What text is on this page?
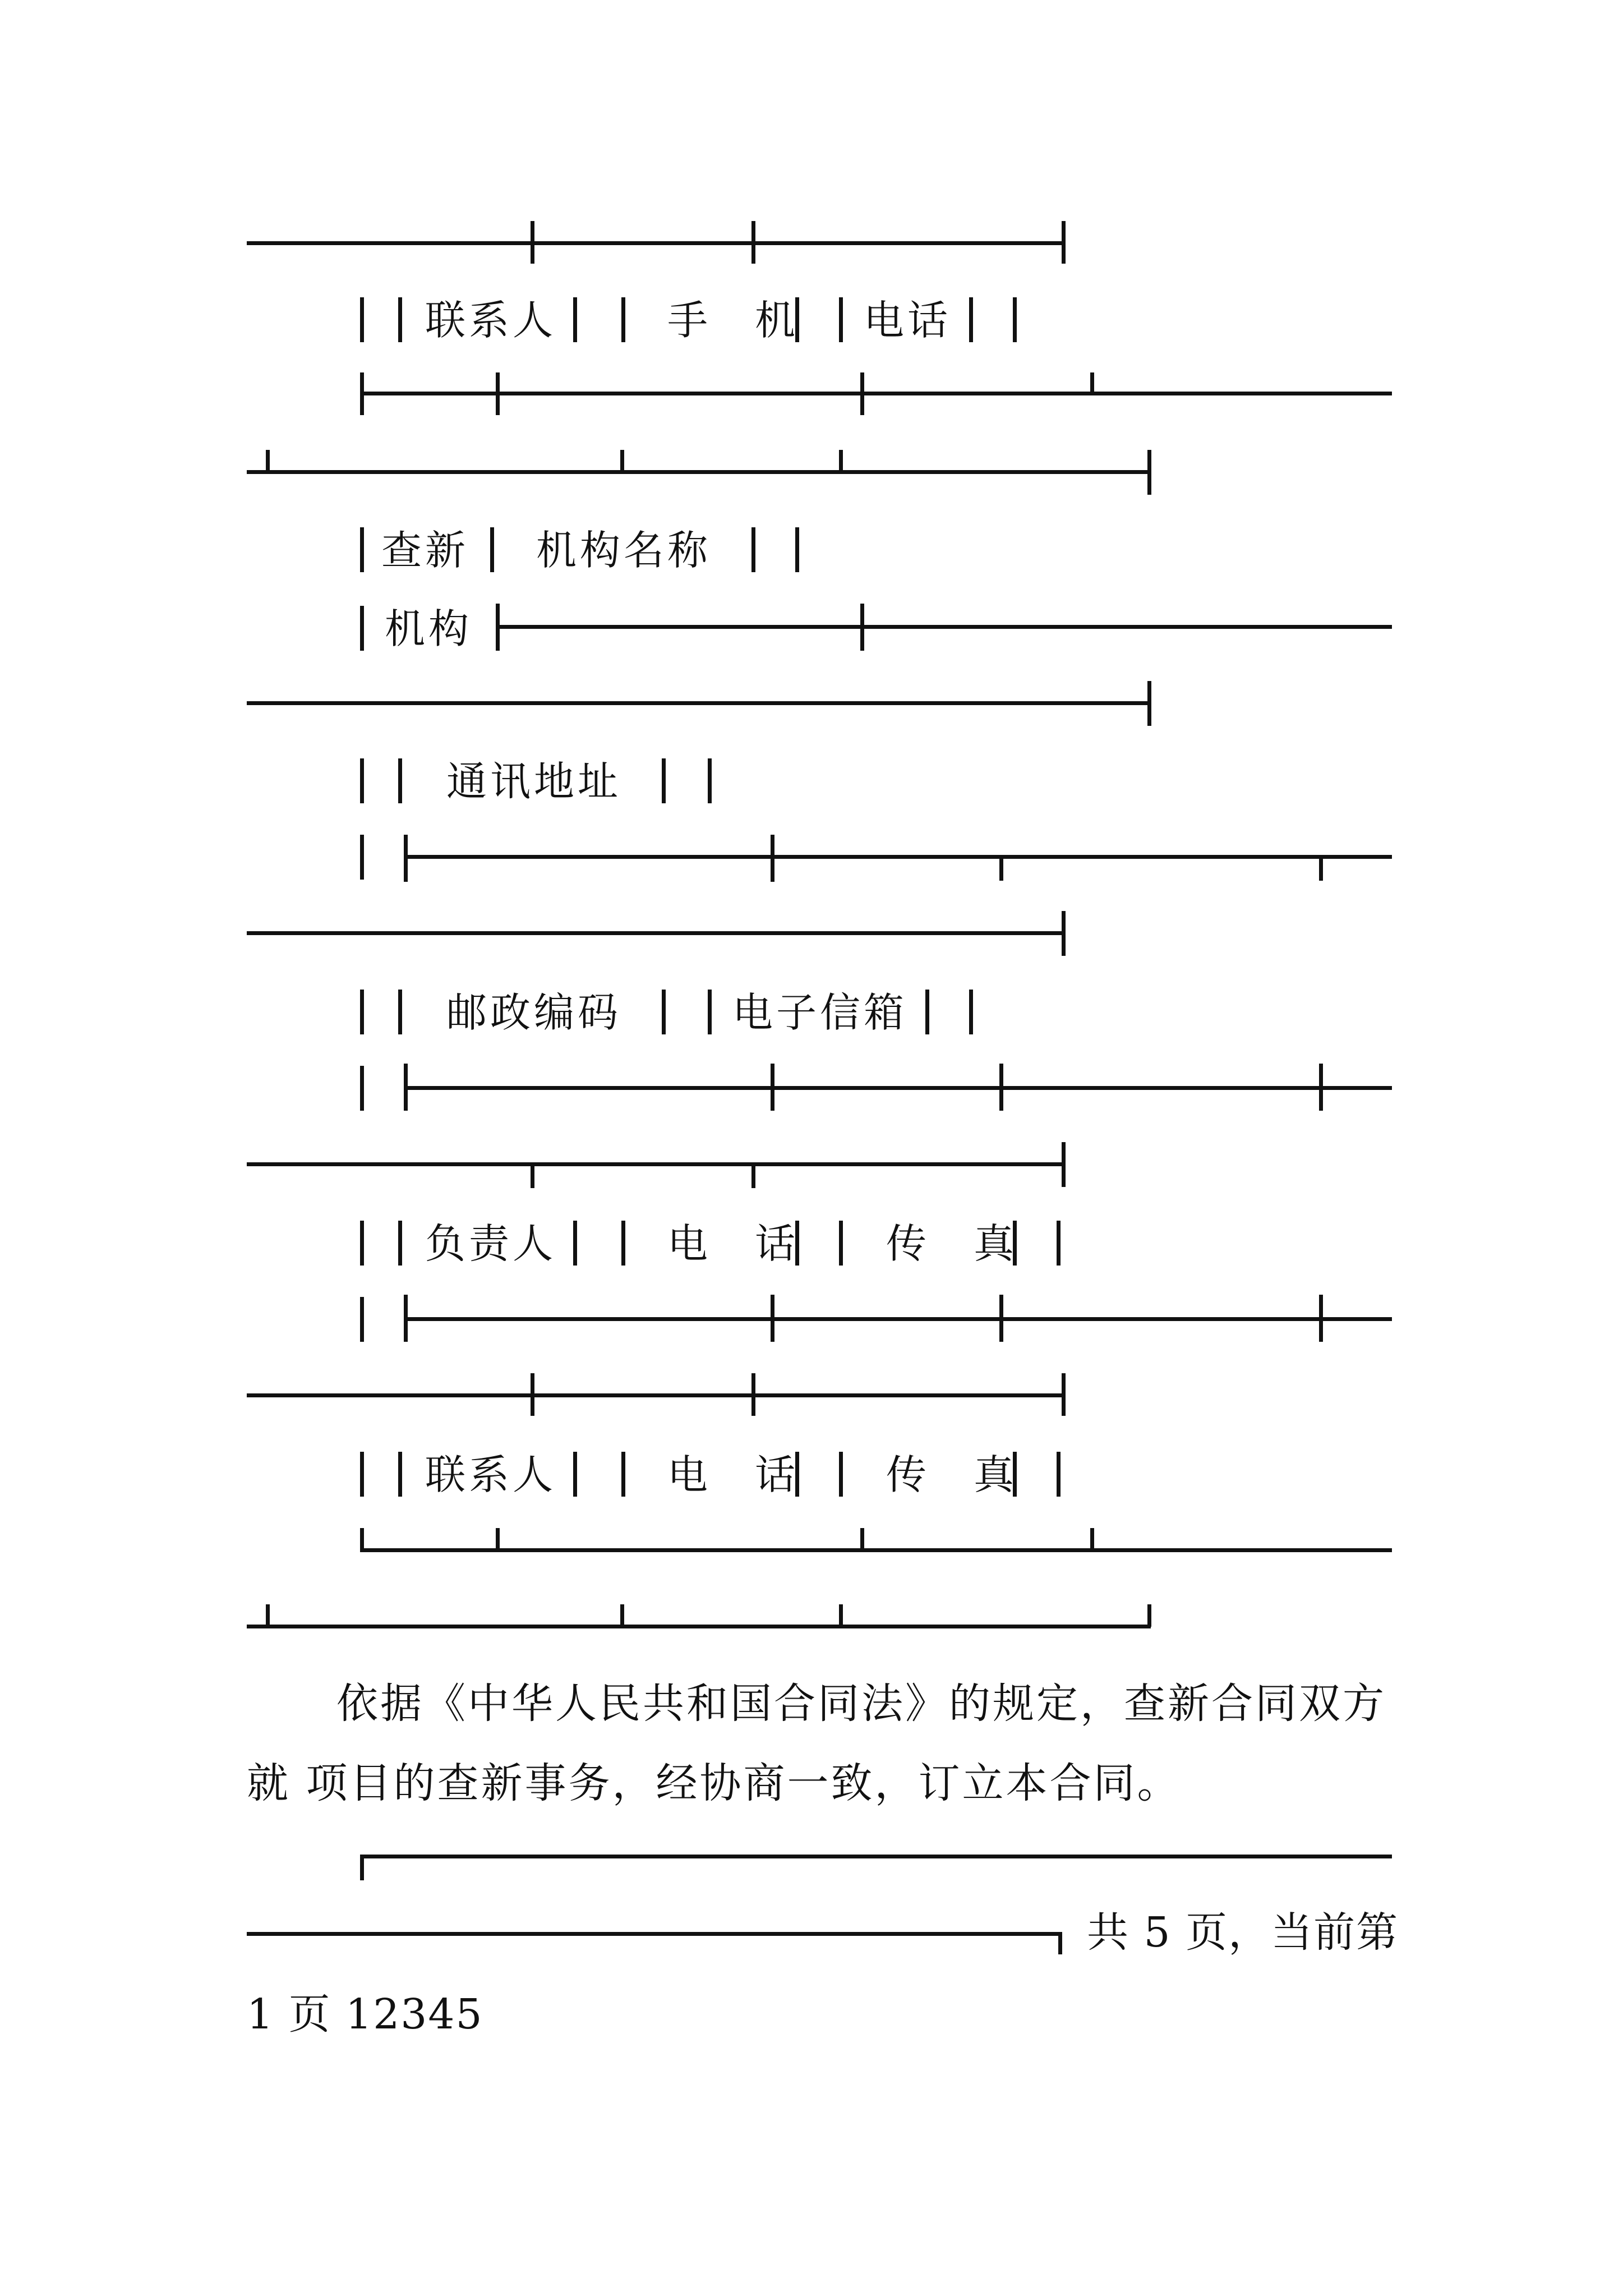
联系人	手　机 电话
查新 机构名称
机构
通讯地址
邮政编码	电子信箱
负责人	电　话 传　真
联系人	电　话 传　真
依据《中华人民共和国合同法》的规定，查新合同双方
就 项目的查新事务，经协商一致，订立本合同。
共 5 页，当前第
1 页 12345
